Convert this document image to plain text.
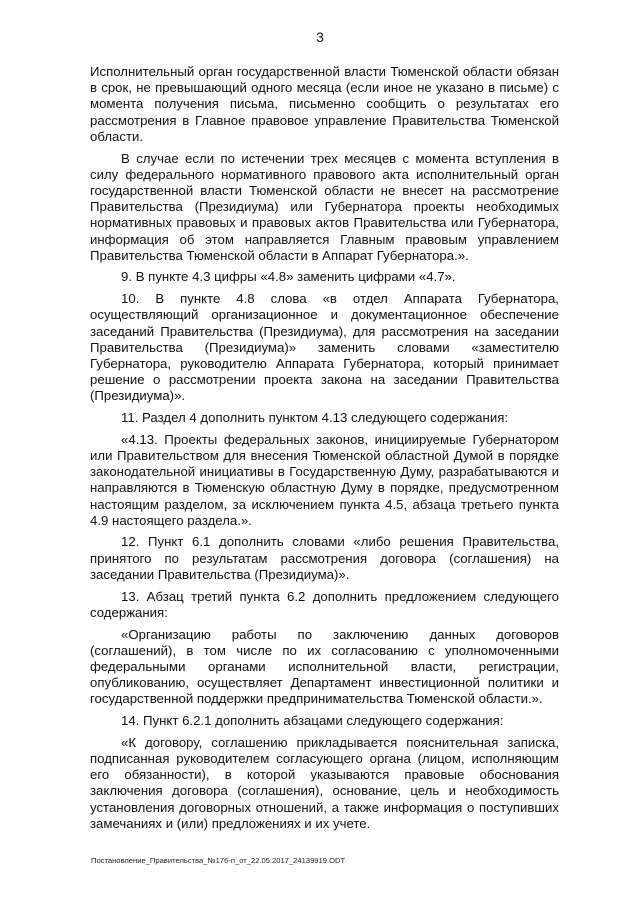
3

Исполнительный орган государственной власти Тюменской области обязан в срок, не превышающий одного месяца (если иное не указано в письме) с момента получения письма, письменно сообщить о результатах его рассмотрения в Главное правовое управление Правительства Тюменской области.

В случае если по истечении трех месяцев с момента вступления в силу федерального нормативного правового акта исполнительный орган государственной власти Тюменской области не внесет на рассмотрение Правительства (Президиума) или Губернатора проекты необходимых нормативных правовых и правовых актов Правительства или Губернатора, информация об этом направляется Главным правовым управлением Правительства Тюменской области в Аппарат Губернатора.».

9. В пункте 4.3 цифры «4.8» заменить цифрами «4.7».

10. В пункте 4.8 слова «в отдел Аппарата Губернатора, осуществляющий организационное и документационное обеспечение заседаний Правительства (Президиума), для рассмотрения на заседании Правительства (Президиума)» заменить словами «заместителю Губернатора, руководителю Аппарата Губернатора, который принимает решение о рассмотрении проекта закона на заседании Правительства (Президиума)».

11. Раздел 4 дополнить пунктом 4.13 следующего содержания:

«4.13. Проекты федеральных законов, инициируемые Губернатором или Правительством для внесения Тюменской областной Думой в порядке законодательной инициативы в Государственную Думу, разрабатываются и направляются в Тюменскую областную Думу в порядке, предусмотренном настоящим разделом, за исключением пункта 4.5, абзаца третьего пункта 4.9 настоящего раздела.».

12. Пункт 6.1 дополнить словами «либо решения Правительства, принятого по результатам рассмотрения договора (соглашения) на заседании Правительства (Президиума)».

13. Абзац третий пункта 6.2 дополнить предложением следующего содержания:

«Организацию работы по заключению данных договоров (соглашений), в том числе по их согласованию с уполномоченными федеральными органами исполнительной власти, регистрации, опубликованию, осуществляет Департамент инвестиционной политики и государственной поддержки предпринимательства Тюменской области.».

14. Пункт 6.2.1 дополнить абзацами следующего содержания:

«К договору, соглашению прикладывается пояснительная записка, подписанная руководителем согласующего органа (лицом, исполняющим его обязанности), в которой указываются правовые обоснования заключения договора (соглашения), основание, цель и необходимость установления договорных отношений, а также информация о поступивших замечаниях и (или) предложениях и их учете.

Постановление_Правительства_№176-п_от_22.05.2017_24139919.ODT
